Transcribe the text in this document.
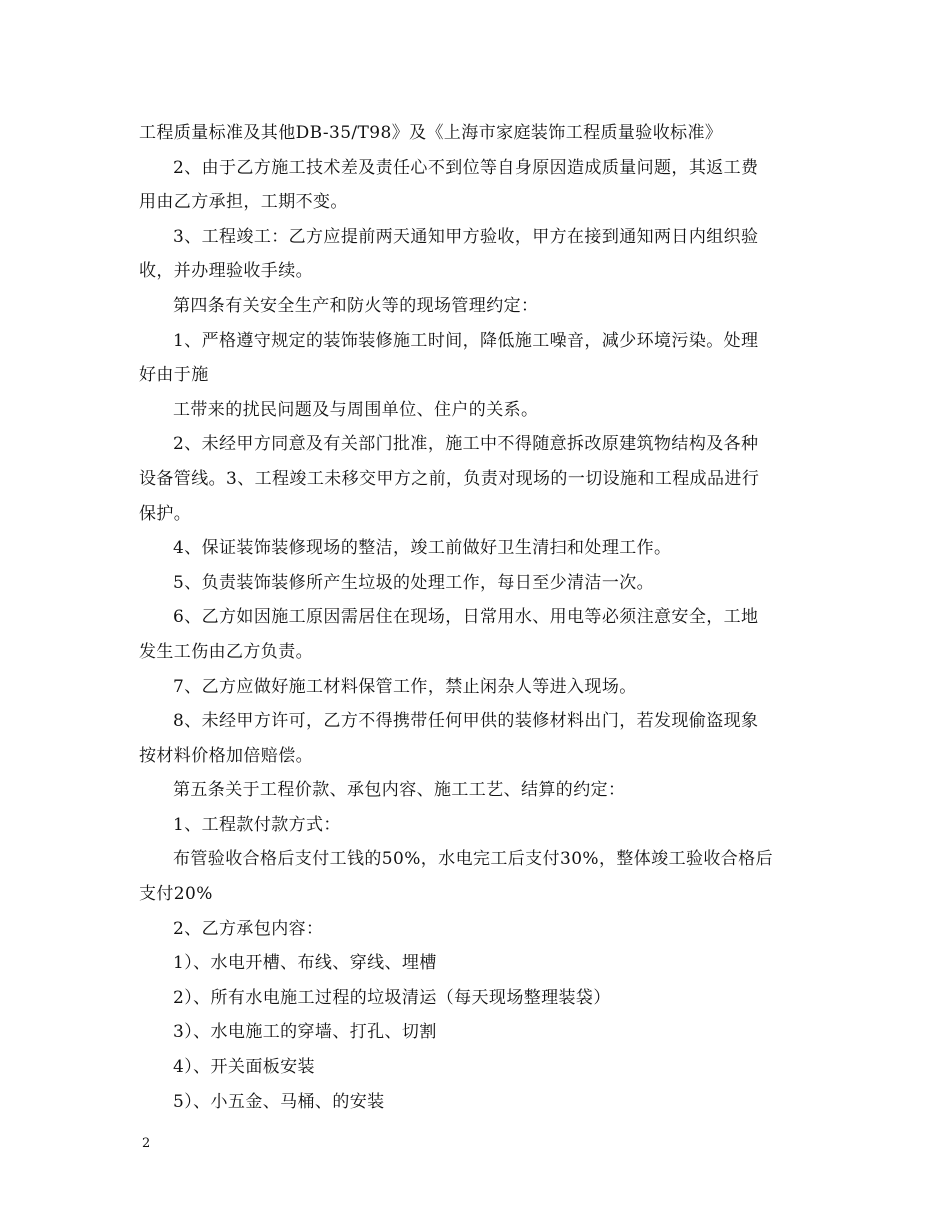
工程质量标准及其他DB-35/T98》及《上海市家庭装饰工程质量验收标准》
2、由于乙方施工技术差及责任心不到位等自身原因造成质量问题，其返工费
用由乙方承担，工期不变。
3、工程竣工：乙方应提前两天通知甲方验收，甲方在接到通知两日内组织验
收，并办理验收手续。
第四条有关安全生产和防火等的现场管理约定：
1、严格遵守规定的装饰装修施工时间，降低施工噪音，减少环境污染。处理
好由于施
工带来的扰民问题及与周围单位、住户的关系。
2、未经甲方同意及有关部门批准，施工中不得随意拆改原建筑物结构及各种
设备管线。3、工程竣工未移交甲方之前，负责对现场的一切设施和工程成品进行
保护。
4、保证装饰装修现场的整洁，竣工前做好卫生清扫和处理工作。
5、负责装饰装修所产生垃圾的处理工作，每日至少清洁一次。
6、乙方如因施工原因需居住在现场，日常用水、用电等必须注意安全，工地
发生工伤由乙方负责。
7、乙方应做好施工材料保管工作，禁止闲杂人等进入现场。
8、未经甲方许可，乙方不得携带任何甲供的装修材料出门，若发现偷盗现象
按材料价格加倍赔偿。
第五条关于工程价款、承包内容、施工工艺、结算的约定：
1、工程款付款方式：
布管验收合格后支付工钱的50%，水电完工后支付30%，整体竣工验收合格后
支付20%
2、乙方承包内容：
1）、水电开槽、布线、穿线、埋槽
2）、所有水电施工过程的垃圾清运（每天现场整理装袋）
3）、水电施工的穿墙、打孔、切割
4）、开关面板安装
5）、小五金、马桶、的安装
2
